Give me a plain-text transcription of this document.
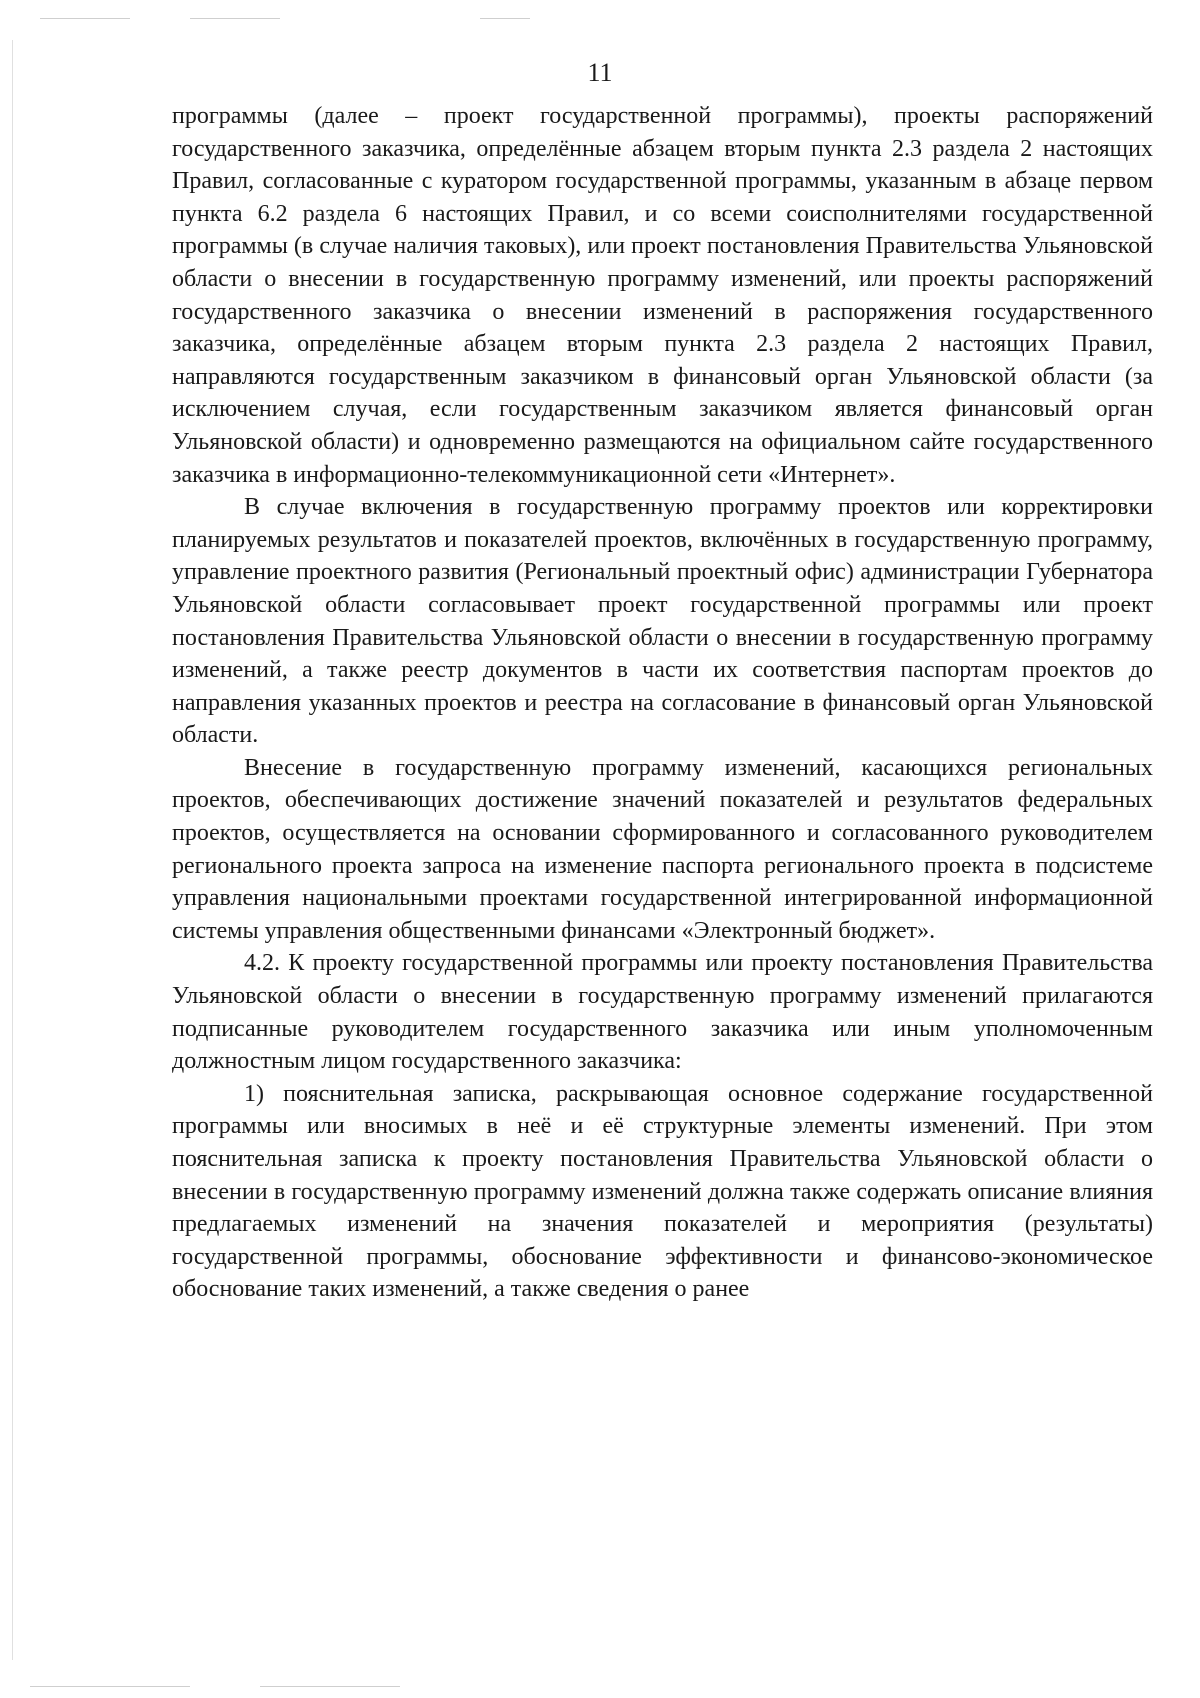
11

программы (далее – проект государственной программы), проекты распоряжений государственного заказчика, определённые абзацем вторым пункта 2.3 раздела 2 настоящих Правил, согласованные с куратором государственной программы, указанным в абзаце первом пункта 6.2 раздела 6 настоящих Правил, и со всеми соисполнителями государственной программы (в случае наличия таковых), или проект постановления Правительства Ульяновской области о внесении в государственную программу изменений, или проекты распоряжений государственного заказчика о внесении изменений в распоряжения государственного заказчика, определённые абзацем вторым пункта 2.3 раздела 2 настоящих Правил, направляются государственным заказчиком в финансовый орган Ульяновской области (за исключением случая, если государственным заказчиком является финансовый орган Ульяновской области) и одновременно размещаются на официальном сайте государственного заказчика в информационно-телекоммуникационной сети «Интернет».

В случае включения в государственную программу проектов или корректировки планируемых результатов и показателей проектов, включённых в государственную программу, управление проектного развития (Региональный проектный офис) администрации Губернатора Ульяновской области согласовывает проект государственной программы или проект постановления Правительства Ульяновской области о внесении в государственную программу изменений, а также реестр документов в части их соответствия паспортам проектов до направления указанных проектов и реестра на согласование в финансовый орган Ульяновской области.

Внесение в государственную программу изменений, касающихся региональных проектов, обеспечивающих достижение значений показателей и результатов федеральных проектов, осуществляется на основании сформированного и согласованного руководителем регионального проекта запроса на изменение паспорта регионального проекта в подсистеме управления национальными проектами государственной интегрированной информационной системы управления общественными финансами «Электронный бюджет».

4.2. К проекту государственной программы или проекту постановления Правительства Ульяновской области о внесении в государственную программу изменений прилагаются подписанные руководителем государственного заказчика или иным уполномоченным должностным лицом государственного заказчика:

1) пояснительная записка, раскрывающая основное содержание государственной программы или вносимых в неё и её структурные элементы изменений. При этом пояснительная записка к проекту постановления Правительства Ульяновской области о внесении в государственную программу изменений должна также содержать описание влияния предлагаемых изменений на значения показателей и мероприятия (результаты) государственной программы, обоснование эффективности и финансово-экономическое обоснование таких изменений, а также сведения о ранее
